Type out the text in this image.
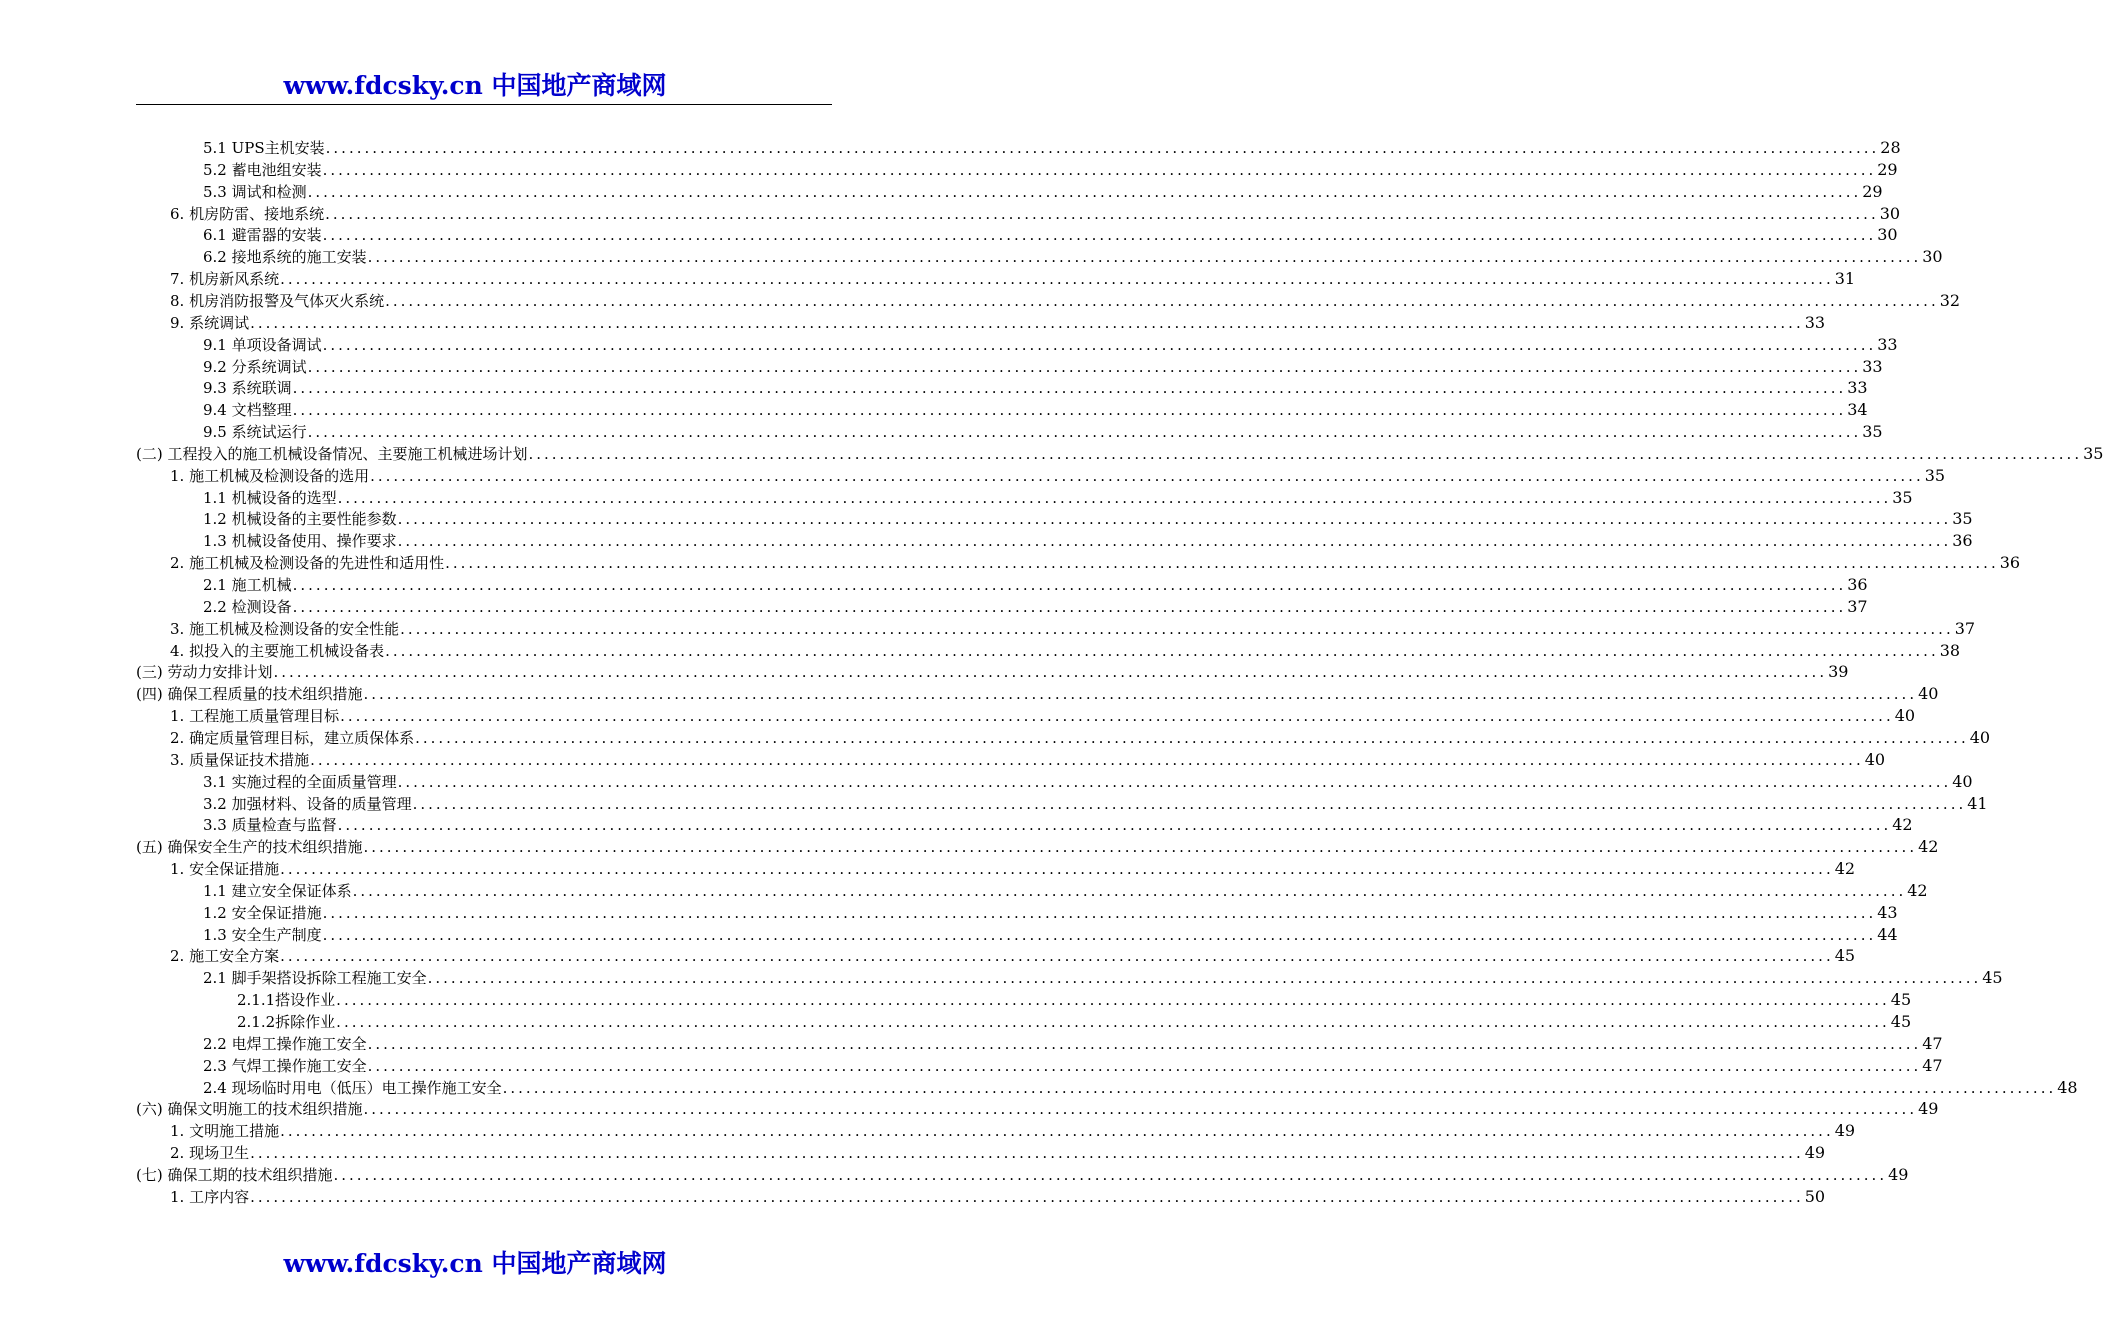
www.fdcsky.cn 中国地产商域网
5.1 UPS主机安装 ........................................................................................................................................................................................................ 28
5.2 蓄电池组安装 ........................................................................................................................................................................................................ 29
5.3 调试和检测 ........................................................................................................................................................................................................ 29
6. 机房防雷、接地系统 ........................................................................................................................................................................................................ 30
6.1 避雷器的安装 ........................................................................................................................................................................................................ 30
6.2 接地系统的施工安装 ........................................................................................................................................................................................................ 30
7. 机房新风系统 ........................................................................................................................................................................................................ 31
8. 机房消防报警及气体灭火系统 ........................................................................................................................................................................................................ 32
9. 系统调试 ........................................................................................................................................................................................................ 33
9.1 单项设备调试 ........................................................................................................................................................................................................ 33
9.2 分系统调试 ........................................................................................................................................................................................................ 33
9.3 系统联调 ........................................................................................................................................................................................................ 33
9.4 文档整理 ........................................................................................................................................................................................................ 34
9.5 系统试运行 ........................................................................................................................................................................................................ 35
(二) 工程投入的施工机械设备情况、主要施工机械进场计划 ........................................................................................................................................................................................................ 35
1. 施工机械及检测设备的选用 ........................................................................................................................................................................................................ 35
1.1 机械设备的选型 ........................................................................................................................................................................................................ 35
1.2 机械设备的主要性能参数 ........................................................................................................................................................................................................ 35
1.3 机械设备使用、操作要求 ........................................................................................................................................................................................................ 36
2. 施工机械及检测设备的先进性和适用性 ........................................................................................................................................................................................................ 36
2.1 施工机械 ........................................................................................................................................................................................................ 36
2.2 检测设备 ........................................................................................................................................................................................................ 37
3. 施工机械及检测设备的安全性能 ........................................................................................................................................................................................................ 37
4. 拟投入的主要施工机械设备表 ........................................................................................................................................................................................................ 38
(三) 劳动力安排计划 ........................................................................................................................................................................................................ 39
(四) 确保工程质量的技术组织措施 ........................................................................................................................................................................................................ 40
1. 工程施工质量管理目标 ........................................................................................................................................................................................................ 40
2. 确定质量管理目标，建立质保体系 ........................................................................................................................................................................................................ 40
3. 质量保证技术措施 ........................................................................................................................................................................................................ 40
3.1 实施过程的全面质量管理 ........................................................................................................................................................................................................ 40
3.2 加强材料、设备的质量管理 ........................................................................................................................................................................................................ 41
3.3 质量检查与监督 ........................................................................................................................................................................................................ 42
(五) 确保安全生产的技术组织措施 ........................................................................................................................................................................................................ 42
1. 安全保证措施 ........................................................................................................................................................................................................ 42
1.1 建立安全保证体系 ........................................................................................................................................................................................................ 42
1.2 安全保证措施 ........................................................................................................................................................................................................ 43
1.3 安全生产制度 ........................................................................................................................................................................................................ 44
2. 施工安全方案 ........................................................................................................................................................................................................ 45
2.1 脚手架搭设拆除工程施工安全 ........................................................................................................................................................................................................ 45
2.1.1搭设作业 ........................................................................................................................................................................................................ 45
2.1.2拆除作业 ........................................................................................................................................................................................................ 45
2.2 电焊工操作施工安全 ........................................................................................................................................................................................................ 47
2.3 气焊工操作施工安全 ........................................................................................................................................................................................................ 47
2.4 现场临时用电（低压）电工操作施工安全 ........................................................................................................................................................................................................ 48
(六) 确保文明施工的技术组织措施 ........................................................................................................................................................................................................ 49
1. 文明施工措施 ........................................................................................................................................................................................................ 49
2. 现场卫生 ........................................................................................................................................................................................................ 49
(七) 确保工期的技术组织措施 ........................................................................................................................................................................................................ 49
1. 工序内容 ........................................................................................................................................................................................................ 50
www.fdcsky.cn 中国地产商域网
